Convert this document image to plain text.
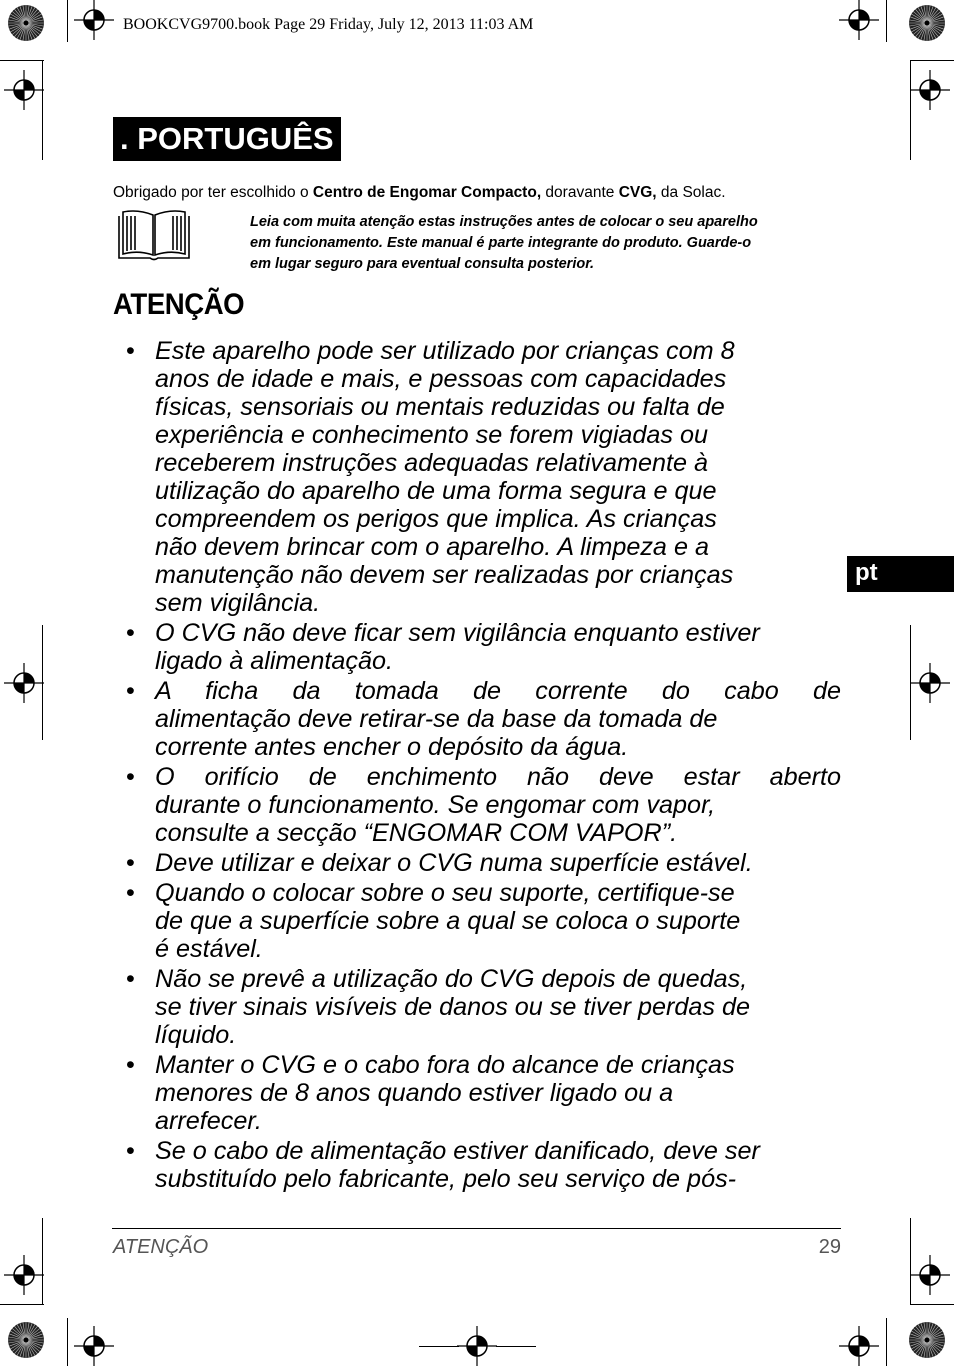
BOOKCVG9700.book Page 29 Friday, July 12, 2013 11:03 AM
. PORTUGUÊS
Obrigado por ter escolhido o Centro de Engomar Compacto, doravante CVG, da Solac.
Leia com muita atenção estas instruções antes de colocar o seu aparelho
em funcionamento. Este manual é parte integrante do produto. Guarde-o
em lugar seguro para eventual consulta posterior.
ATENÇÃO
• Este aparelho pode ser utilizado por crianças com 8
anos de idade e mais, e pessoas com capacidades
físicas, sensoriais ou mentais reduzidas ou falta de
experiência e conhecimento se forem vigiadas ou
receberem instruções adequadas relativamente à
utilização do aparelho de uma forma segura e que
compreendem os perigos que implica. As crianças
não devem brincar com o aparelho. A limpeza e a
manutenção não devem ser realizadas por crianças
sem vigilância.
• O CVG não deve ficar sem vigilância enquanto estiver
ligado à alimentação.
• A ficha da tomada de corrente do cabo de
alimentação deve retirar-se da base da tomada de
corrente antes encher o depósito da água.
• O orifício de enchimento não deve estar aberto
durante o funcionamento. Se engomar com vapor,
consulte a secção “ENGOMAR COM VAPOR”.
• Deve utilizar e deixar o CVG numa superfície estável.
• Quando o colocar sobre o seu suporte, certifique-se
de que a superfície sobre a qual se coloca o suporte
é estável.
• Não se prevê a utilização do CVG depois de quedas,
se tiver sinais visíveis de danos ou se tiver perdas de
líquido.
• Manter o CVG e o cabo fora do alcance de crianças
menores de 8 anos quando estiver ligado ou a
arrefecer.
• Se o cabo de alimentação estiver danificado, deve ser
substituído pelo fabricante, pelo seu serviço de pós-
pt
ATENÇÃO	29
